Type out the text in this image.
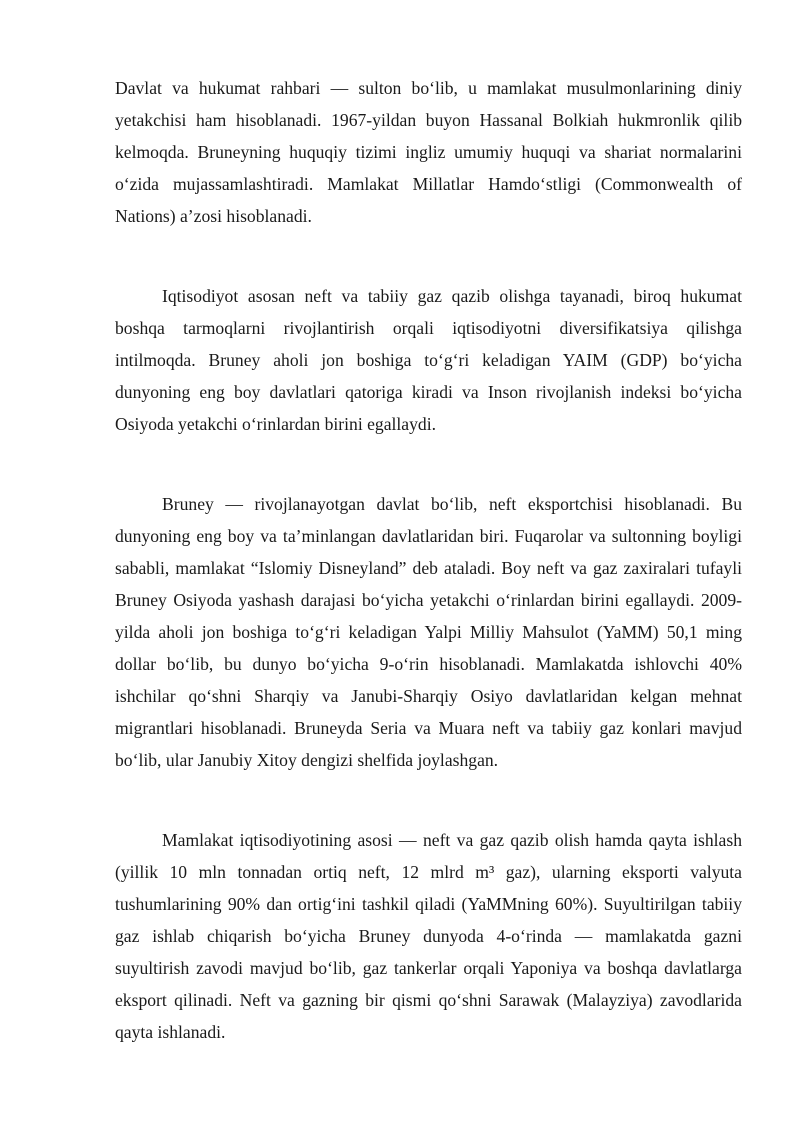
Davlat va hukumat rahbari — sulton boʻlib, u mamlakat musulmonlarining diniy yetakchisi ham hisoblanadi. 1967-yildan buyon Hassanal Bolkiah hukmronlik qilib kelmoqda. Bruneyning huquqiy tizimi ingliz umumiy huquqi va shariat normalarini oʻzida mujassamlashtiradi. Mamlakat Millatlar Hamdoʻstligi (Commonwealth of Nations) a’zosi hisoblanadi.

Iqtisodiyot asosan neft va tabiiy gaz qazib olishga tayanadi, biroq hukumat boshqa tarmoqlarni rivojlantirish orqali iqtisodiyotni diversifikatsiya qilishga intilmoqda. Bruney aholi jon boshiga toʻgʻri keladigan YAIM (GDP) boʻyicha dunyoning eng boy davlatlari qatoriga kiradi va Inson rivojlanish indeksi boʻyicha Osiyoda yetakchi oʻrinlardan birini egallaydi.

Bruney — rivojlanayotgan davlat boʻlib, neft eksportchisi hisoblanadi. Bu dunyoning eng boy va ta’minlangan davlatlaridan biri. Fuqarolar va sultonning boyligi sababli, mamlakat “Islomiy Disneyland” deb ataladi. Boy neft va gaz zaxiralari tufayli Bruney Osiyoda yashash darajasi boʻyicha yetakchi oʻrinlardan birini egallaydi. 2009-yilda aholi jon boshiga toʻgʻri keladigan Yalpi Milliy Mahsulot (YaMM) 50,1 ming dollar boʻlib, bu dunyo boʻyicha 9-oʻrin hisoblanadi. Mamlakatda ishlovchi 40% ishchilar qoʻshni Sharqiy va Janubi-Sharqiy Osiyo davlatlaridan kelgan mehnat migrantlari hisoblanadi. Bruneyda Seria va Muara neft va tabiiy gaz konlari mavjud boʻlib, ular Janubiy Xitoy dengizi shelfida joylashgan.

Mamlakat iqtisodiyotining asosi — neft va gaz qazib olish hamda qayta ishlash (yillik 10 mln tonnadan ortiq neft, 12 mlrd m³ gaz), ularning eksporti valyuta tushumlarining 90% dan ortigʻini tashkil qiladi (YaMMning 60%). Suyultirilgan tabiiy gaz ishlab chiqarish boʻyicha Bruney dunyoda 4-oʻrinda — mamlakatda gazni suyultirish zavodi mavjud boʻlib, gaz tankerlar orqali Yaponiya va boshqa davlatlarga eksport qilinadi. Neft va gazning bir qismi qoʻshni Sarawak (Malayziya) zavodlarida qayta ishlanadi.
